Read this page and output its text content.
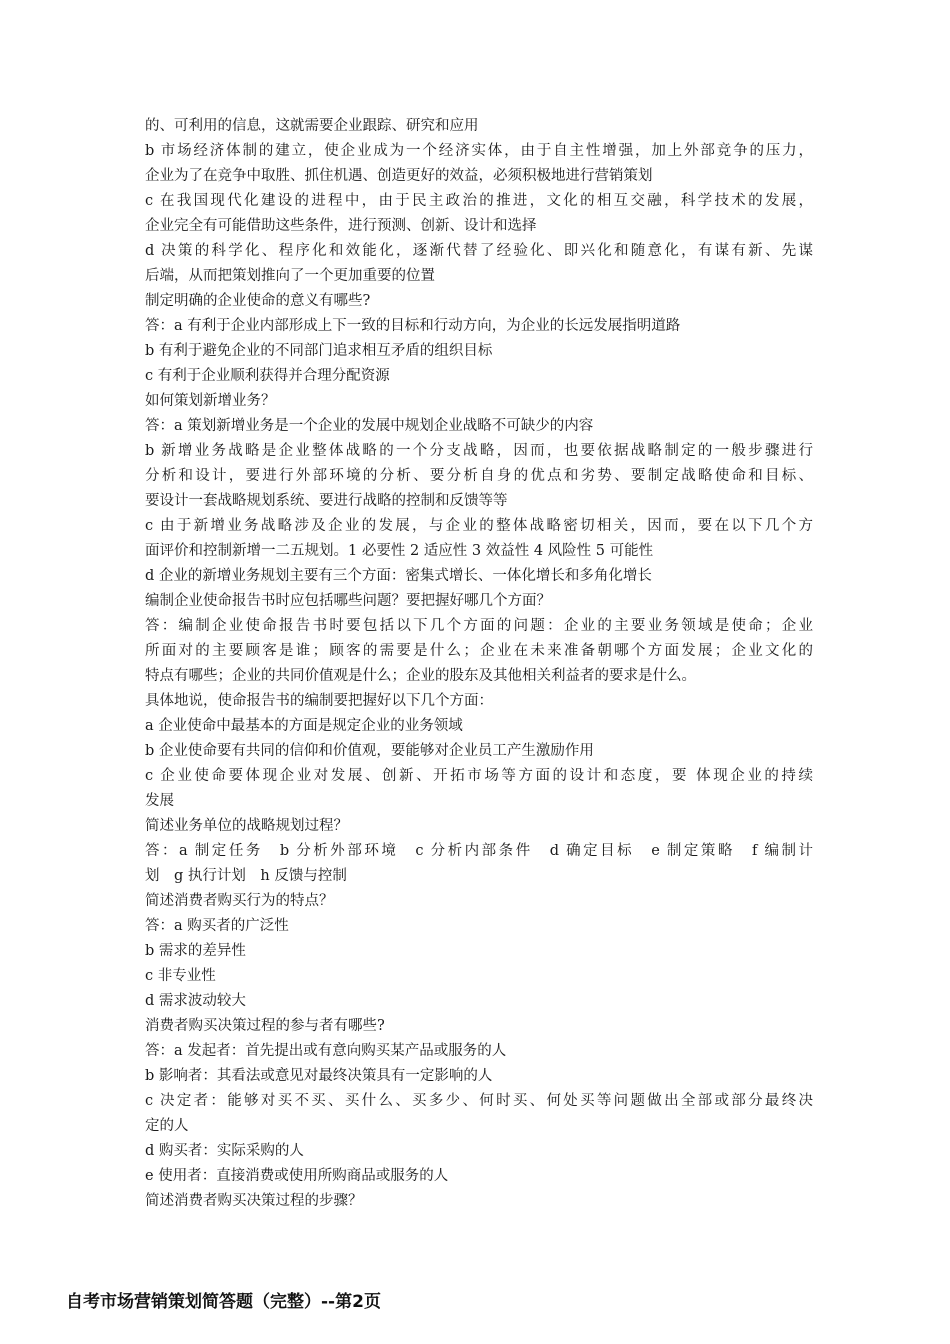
的、可利用的信息，这就需要企业跟踪、研究和应用
b 市场经济体制的建立，使企业成为一个经济实体，由于自主性增强，加上外部竞争的压力，
企业为了在竞争中取胜、抓住机遇、创造更好的效益，必须积极地进行营销策划
c 在我国现代化建设的进程中，由于民主政治的推进，文化的相互交融，科学技术的发展，
企业完全有可能借助这些条件，进行预测、创新、设计和选择
d 决策的科学化、程序化和效能化，逐渐代替了经验化、即兴化和随意化，有谋有新、先谋
后端，从而把策划推向了一个更加重要的位置
制定明确的企业使命的意义有哪些?
答：a 有利于企业内部形成上下一致的目标和行动方向，为企业的长远发展指明道路
b 有利于避免企业的不同部门追求相互矛盾的组织目标
c 有利于企业顺利获得并合理分配资源
如何策划新增业务？
答：a 策划新增业务是一个企业的发展中规划企业战略不可缺少的内容
b 新增业务战略是企业整体战略的一个分支战略，因而，也要依据战略制定的一般步骤进行
分析和设计，要进行外部环境的分析、要分析自身的优点和劣势、要制定战略使命和目标、
要设计一套战略规划系统、要进行战略的控制和反馈等等
c 由于新增业务战略涉及企业的发展，与企业的整体战略密切相关，因而，要在以下几个方
面评价和控制新增一二五规划。1 必要性 2 适应性 3 效益性 4 风险性 5 可能性
d 企业的新增业务规划主要有三个方面：密集式增长、一体化增长和多角化增长
编制企业使命报告书时应包括哪些问题？要把握好哪几个方面？
答：编制企业使命报告书时要包括以下几个方面的问题：企业的主要业务领域是使命；企业
所面对的主要顾客是谁；顾客的需要是什么；企业在未来准备朝哪个方面发展；企业文化的
特点有哪些；企业的共同价值观是什么；企业的股东及其他相关利益者的要求是什么。
具体地说，使命报告书的编制要把握好以下几个方面：
a 企业使命中最基本的方面是规定企业的业务领域
b 企业使命要有共同的信仰和价值观，要能够对企业员工产生激励作用
c 企业使命要体现企业对发展、创新、开拓市场等方面的设计和态度，要 体现企业的持续
发展
简述业务单位的战略规划过程？
答：a 制定任务　b 分析外部环境　c 分析内部条件　d 确定目标　e 制定策略　f 编制计
划　g 执行计划　h 反馈与控制
简述消费者购买行为的特点？
答：a 购买者的广泛性
b 需求的差异性
c 非专业性
d 需求波动较大
消费者购买决策过程的参与者有哪些?
答：a 发起者：首先提出或有意向购买某产品或服务的人
b 影响者：其看法或意见对最终决策具有一定影响的人
c 决定者：能够对买不买、买什么、买多少、何时买、何处买等问题做出全部或部分最终决
定的人
d 购买者：实际采购的人
e 使用者：直接消费或使用所购商品或服务的人
简述消费者购买决策过程的步骤？
自考市场营销策划简答题（完整）--第2页
